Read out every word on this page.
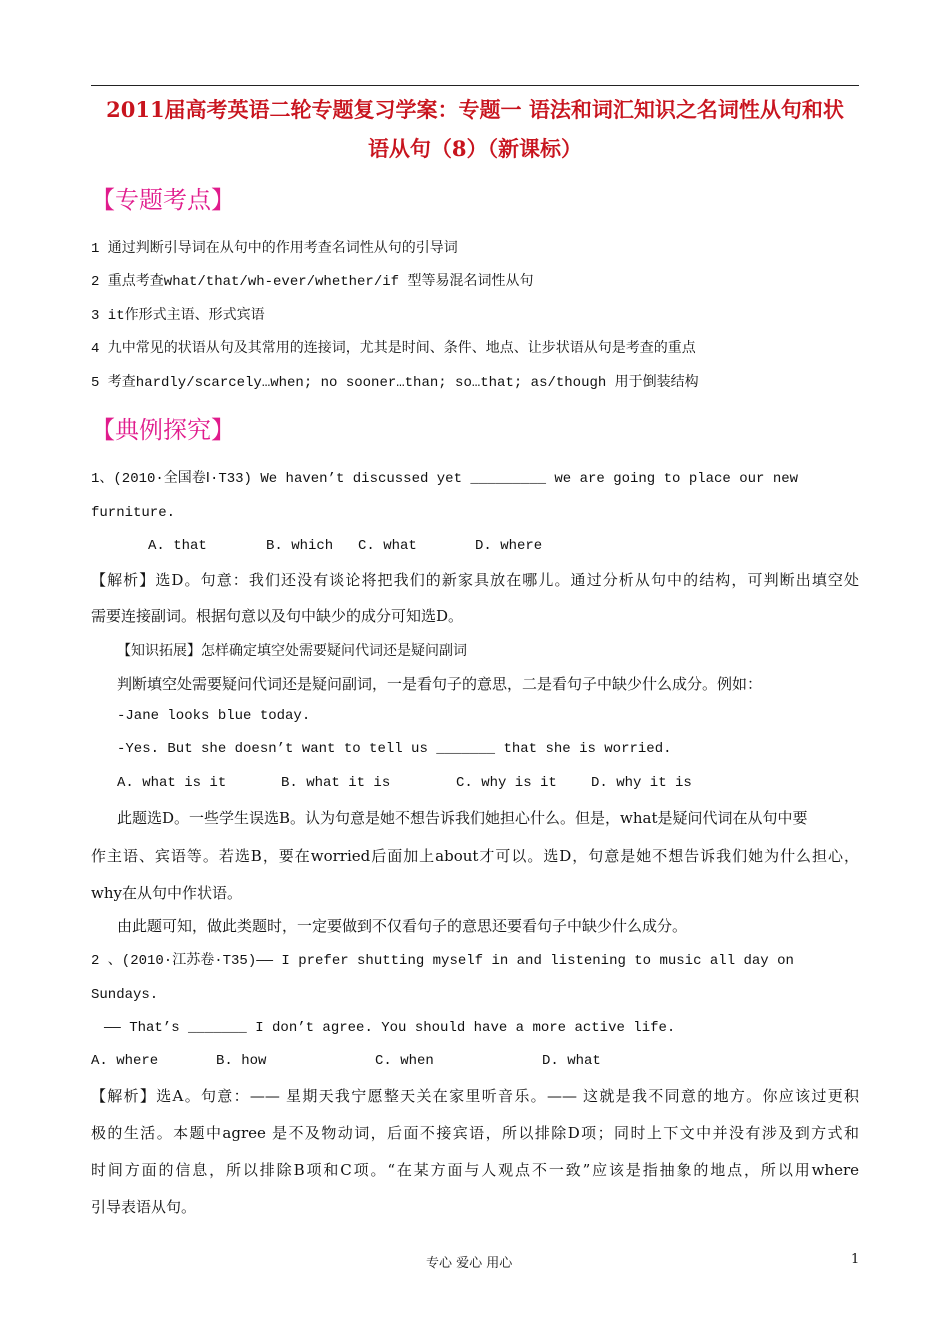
2011届高考英语二轮专题复习学案：专题一 语法和词汇知识之名词性从句和状
语从句（8）（新课标）
【专题考点】
1 通过判断引导词在从句中的作用考查名词性从句的引导词
2 重点考查what/that/wh-ever/whether/if 型等易混名词性从句
3 it作形式主语、形式宾语
4 九中常见的状语从句及其常用的连接词，尤其是时间、条件、地点、让步状语从句是考查的重点
5 考查hardly/scarcely…when; no sooner…than; so…that; as/though 用于倒装结构
【典例探究】
1、(2010·全国卷Ⅰ·T33) We haven’t discussed yet _________ we are going to place our new
furniture.
A. that	B. which C. what	D. where
【解析】选D。句意：我们还没有谈论将把我们的新家具放在哪儿。通过分析从句中的结构，可判断出填空处
需要连接副词。根据句意以及句中缺少的成分可知选D。
【知识拓展】怎样确定填空处需要疑问代词还是疑问副词
判断填空处需要疑问代词还是疑问副词，一是看句子的意思，二是看句子中缺少什么成分。例如：
-Jane looks blue today.
-Yes. But she doesn’t want to tell us _______ that she is worried.
A. what is it	B. what it is	C. why is it D. why it is
此题选D。一些学生误选B。认为句意是她不想告诉我们她担心什么。但是，what是疑问代词在从句中要
作主语、宾语等。若选B，要在worried后面加上about才可以。选D，句意是她不想告诉我们她为什么担心，
why在从句中作状语。
由此题可知，做此类题时，一定要做到不仅看句子的意思还要看句子中缺少什么成分。
2 、(2010·江苏卷·T35)—— I prefer shutting myself in and listening to music all day on
Sundays.
—— That’s _______ I don’t agree. You should have a more active life.
A. where	B. how	C. when	D. what
【解析】选A。句意：—— 星期天我宁愿整天关在家里听音乐。—— 这就是我不同意的地方。你应该过更积
极的生活。本题中agree 是不及物动词，后面不接宾语，所以排除D项；同时上下文中并没有涉及到方式和
时间方面的信息，所以排除B项和C项。“在某方面与人观点不一致”应该是指抽象的地点，所以用where
引导表语从句。
专心 爱心 用心	1
